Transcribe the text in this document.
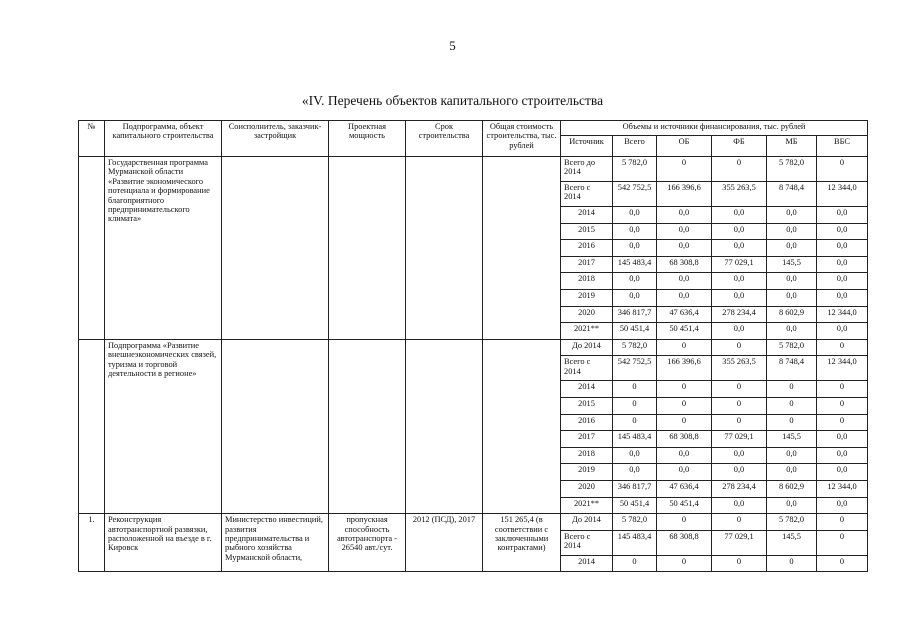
5
«IV. Перечень объектов капитального строительства
№	Подпрограмма, объект капитального строительства	Соисполнитель, заказчик-застройщик	Проектная мощность	Срок строительства	Общая стоимость строительства, тыс. рублей	Объемы и источники финансирования, тыс. рублей					
						Источник	Всего	ОБ	ФБ	МБ	ВБС
	Государственная программа Мурманской области «Развитие экономического потенциала и формирование благоприятного предпринимательского климата»					Всего до 2014	5 782,0	0	0	5 782,0	0
						Всего с 2014	542 752,5	166 396,6	355 263,5	8 748,4	12 344,0
						2014	0,0	0,0	0,0	0,0	0,0
						2015	0,0	0,0	0,0	0,0	0,0
						2016	0,0	0,0	0,0	0,0	0,0
						2017	145 483,4	68 308,8	77 029,1	145,5	0,0
						2018	0,0	0,0	0,0	0,0	0,0
						2019	0,0	0,0	0,0	0,0	0,0
						2020	346 817,7	47 636,4	278 234,4	8 602,9	12 344,0
						2021**	50 451,4	50 451,4	0,0	0,0	0,0
	Подпрограмма «Развитие внешнеэкономических связей, туризма и торговой деятельности в регионе»					До 2014	5 782,0	0	0	5 782,0	0
						Всего с 2014	542 752,5	166 396,6	355 263,5	8 748,4	12 344,0
						2014	0	0	0	0	0
						2015	0	0	0	0	0
						2016	0	0	0	0	0
						2017	145 483,4	68 308,8	77 029,1	145,5	0,0
						2018	0,0	0,0	0,0	0,0	0,0
						2019	0,0	0,0	0,0	0,0	0,0
						2020	346 817,7	47 636,4	278 234,4	8 602,9	12 344,0
						2021**	50 451,4	50 451,4	0,0	0,0	0,0
1.	Реконструкция автотранспортной развязки, расположенной на въезде в г. Кировск	Министерство инвестиций, развития предпринимательства и рыбного хозяйства Мурманской области,	пропускная способность автотранспорта - 26540 авт./сут.	2012 (ПСД), 2017	151 265,4 (в соответствии с заключенными контрактами)	До 2014	5 782,0	0	0	5 782,0	0
						Всего с 2014	145 483,4	68 308,8	77 029,1	145,5	0
						2014	0	0	0	0	0
